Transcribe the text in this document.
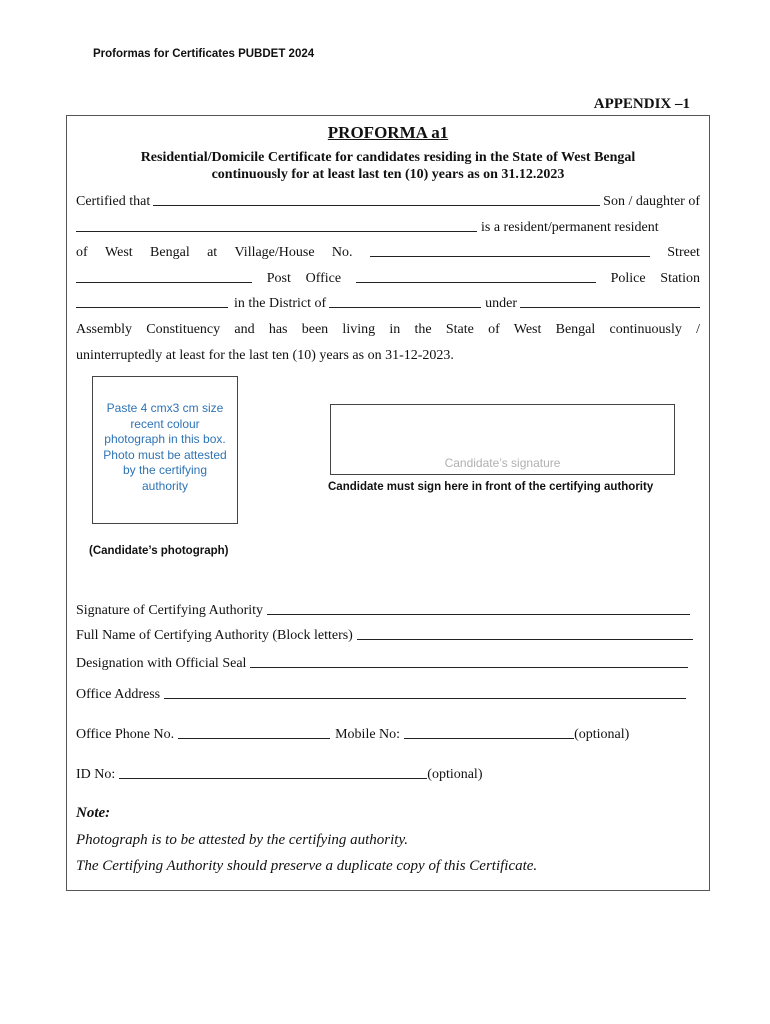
Proformas for Certificates PUBDET 2024
APPENDIX –1
PROFORMA a1
Residential/Domicile Certificate for candidates residing in the State of West Bengal
continuously for at least last ten (10) years as on 31.12.2023
Certified that	Son / daughter of
is a resident/permanent resident
of West Bengal at Village/House No.	Street
Post Office	Police Station
in the District of	under
Assembly Constituency and has been living in the State of West Bengal continuously /
uninterruptedly at least for the last ten (10) years as on 31-12-2023.
Paste 4 cmx3 cm size recent colour photograph in this box. Photo must be attested by the certifying authority
(Candidate’s photograph)
Candidate’s signature
Candidate must sign here in front of the certifying authority
Signature of Certifying Authority
Full Name of Certifying Authority (Block letters)
Designation with Official Seal
Office Address
Office Phone No.	Mobile No:	(optional)
ID No:	(optional)
Note:
Photograph is to be attested by the certifying authority.
The Certifying Authority should preserve a duplicate copy of this Certificate.
